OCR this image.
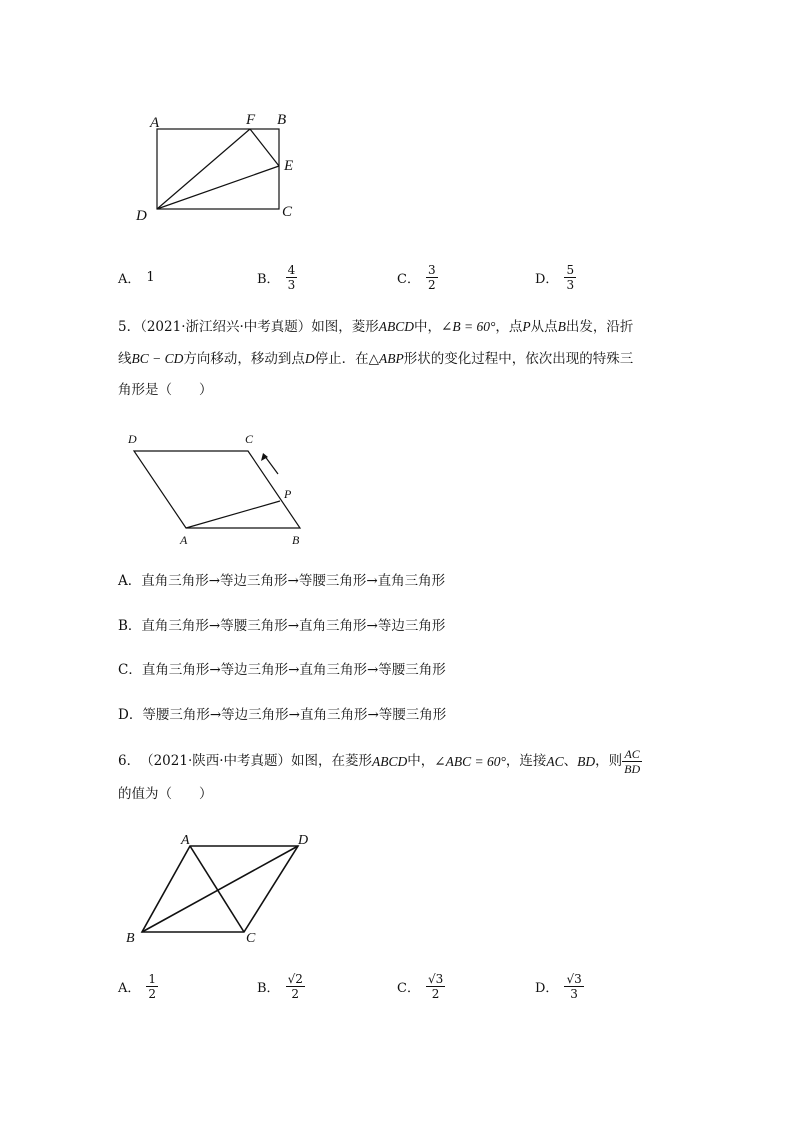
A	F B
E
D	C
A． 1	B． $\frac{4}{3}$	C． $\frac{3}{2}$	D． $\frac{5}{3}$
5．（2021·浙江绍兴·中考真题）如图，菱形ABCD中，∠B = 60°，点P从点B出发，沿折
线BC − CD方向移动，移动到点D停止．在△ABP形状的变化过程中，依次出现的特殊三
角形是（　　）
D	C
P
A	B
A．直角三角形→等边三角形→等腰三角形→直角三角形
B．直角三角形→等腰三角形→直角三角形→等边三角形
C．直角三角形→等边三角形→直角三角形→等腰三角形
D．等腰三角形→等边三角形→直角三角形→等腰三角形
6． （2021·陕西·中考真题） 如图，在菱形 ABCD 中， ∠ABC = 60° ，连接 AC 、 BD ，则 $\frac{AC}{BD}$
的值为（　　）
A	D
B	C
A． $\frac{1}{2}$	B． $\frac{√2}{2}$	C． $\frac{√3}{2}$	D． $\frac{√3}{3}$
